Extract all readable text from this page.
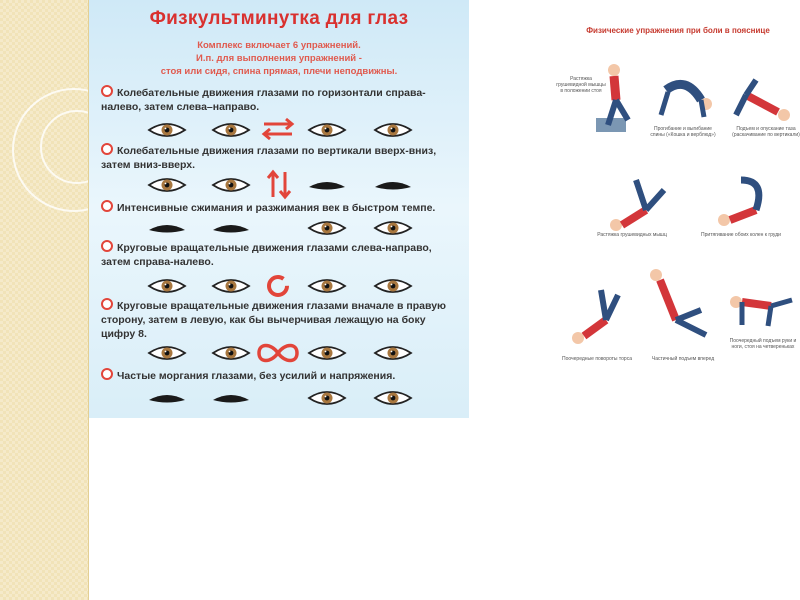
Физкультминутка для глаз
Комплекс включает 6 упражнений.
И.п. для выполнения упражнений -
стоя или сидя, спина прямая, плечи неподвижны.
Колебательные движения глазами по горизонтали справа-налево, затем слева–направо.
Колебательные движения глазами по вертикали вверх-вниз, затем вниз-вверх.
Интенсивные сжимания и разжимания век в быстром темпе.
Круговые вращательные движения глазами слева-направо, затем справа-налево.
Круговые вращательные движения глазами вначале в правую сторону, затем в левую, как бы вычерчивая лежащую на боку цифру 8.
Частые моргания глазами, без усилий и напряжения.
Физические упражнения при боли в пояснице
Растяжка грушевидной мышцы в положении стоя
Прогибание и выгибание спины («Кошка и верблюд»)
Подъем и опускание таза (раскачивание по вертикали)
Растяжка грушевидных мышц	Притягивание обоих колен к груди
Поочередные повороты торса	Частичный подъем вперед
Поочередный подъем руки и ноги, стоя на четвереньках
